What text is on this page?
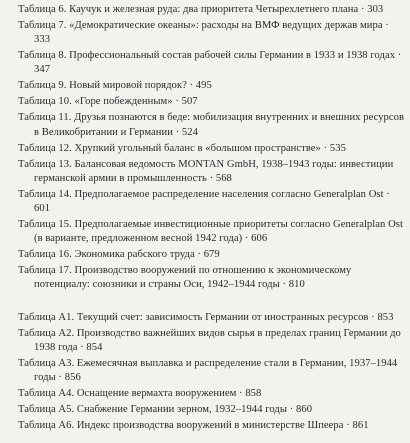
Таблица 6. Каучук и железная руда: два приоритета Четырехлетнего плана · 303
Таблица 7. «Демократические океаны»: расходы на ВМФ ведущих держав мира · 333
Таблица 8. Профессиональный состав рабочей силы Германии в 1933 и 1938 годах · 347
Таблица 9. Новый мировой порядок? · 495
Таблица 10. «Горе побежденным» · 507
Таблица 11. Друзья познаются в беде: мобилизация внутренних и внешних ресурсов в Великобритании и Германии · 524
Таблица 12. Хрупкий угольный баланс в «большом пространстве» · 535
Таблица 13. Балансовая ведомость MONTAN GmbH, 1938–1943 годы: инвестиции германской армии в промышленность · 568
Таблица 14. Предполагаемое распределение населения согласно Generalplan Ost · 601
Таблица 15. Предполагаемые инвестиционные приоритеты согласно Generalplan Ost (в варианте, предложенном весной 1942 года) · 606
Таблица 16. Экономика рабского труда · 679
Таблица 17. Производство вооружений по отношению к экономическому потенциалу: союзники и страны Оси, 1942–1944 годы · 810
Таблица А1. Текущий счет: зависимость Германии от иностранных ресурсов · 853
Таблица А2. Производство важнейших видов сырья в пределах границ Германии до 1938 года · 854
Таблица А3. Ежемесячная выплавка и распределение стали в Германии, 1937–1944 годы · 856
Таблица А4. Оснащение вермахта вооружением · 858
Таблица А5. Снабжение Германии зерном, 1932–1944 годы · 860
Таблица А6. Индекс производства вооружений в министерстве Шпеера · 861
